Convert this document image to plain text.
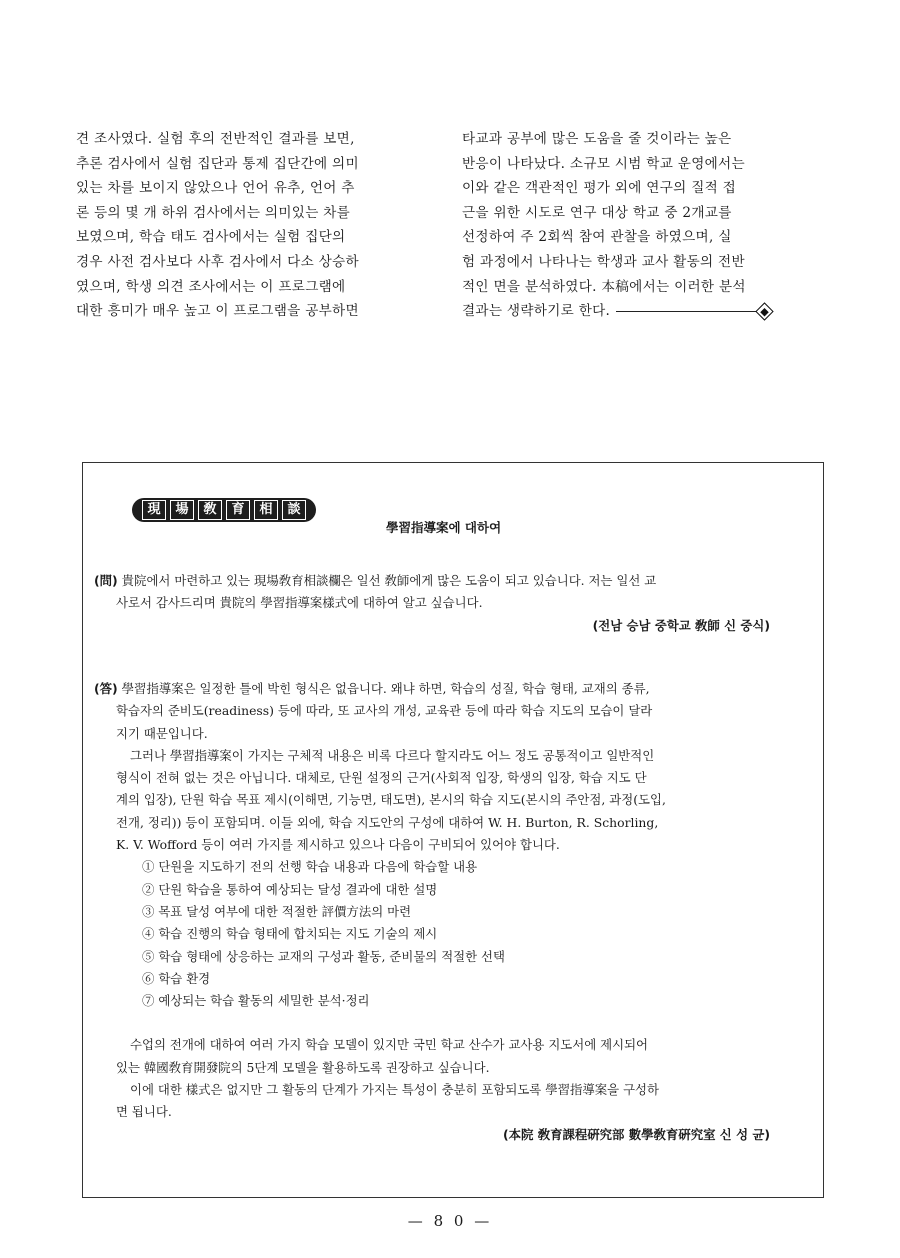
견 조사였다. 실험 후의 전반적인 결과를 보면,

추론 검사에서 실험 집단과 통제 집단간에 의미

있는 차를 보이지 않았으나 언어 유추, 언어 추

론 등의 몇 개 하위 검사에서는 의미있는 차를

보였으며, 학습 태도 검사에서는 실험 집단의

경우 사전 검사보다 사후 검사에서 다소 상승하

였으며, 학생 의견 조사에서는 이 프로그램에

대한 흥미가 매우 높고 이 프로그램을 공부하면

타교과 공부에 많은 도움을 줄 것이라는 높은

반응이 나타났다. 소규모 시범 학교 운영에서는

이와 같은 객관적인 평가 외에 연구의 질적 접

근을 위한 시도로 연구 대상 학교 중 2개교를

선정하여 주 2회씩 참여 관찰을 하였으며, 실

험 과정에서 나타나는 학생과 교사 활동의 전반

적인 면을 분석하였다. 本稿에서는 이러한 분석

결과는 생략하기로 한다.

現	場	敎	育	相	談
學習指導案에 대하여

(問) 貴院에서 마련하고 있는 現場敎育相談欄은 일선 敎師에게 많은 도움이 되고 있습니다. 저는 일선 교

사로서 감사드리며 貴院의 學習指導案樣式에 대하여 알고 싶습니다.

(전남 승남 중학교 敎師 신 중식)

(答) 學習指導案은 일정한 틀에 박힌 형식은 없읍니다. 왜냐 하면, 학습의 성질, 학습 형태, 교재의 종류,

학습자의 준비도(readiness) 등에 따라, 또 교사의 개성, 교육관 등에 따라 학습 지도의 모습이 달라

지기 때문입니다.

그러나 學習指導案이 가지는 구체적 내용은 비록 다르다 할지라도 어느 정도 공통적이고 일반적인

형식이 전혀 없는 것은 아닙니다. 대체로, 단원 설정의 근거(사회적 입장, 학생의 입장, 학습 지도 단

계의 입장), 단원 학습 목표 제시(이해면, 기능면, 태도면), 본시의 학습 지도(본시의 주안점, 과정(도입,

전개, 정리)) 등이 포함되며. 이들 외에, 학습 지도안의 구성에 대하여 W. H. Burton, R. Schorling,

K. V. Wofford 등이 여러 가지를 제시하고 있으나 다음이 구비되어 있어야 합니다.

① 단원을 지도하기 전의 선행 학습 내용과 다음에 학습할 내용
② 단원 학습을 통하여 예상되는 달성 결과에 대한 설명
③ 목표 달성 여부에 대한 적절한 評價方法의 마련
④ 학습 진행의 학습 형태에 합치되는 지도 기술의 제시
⑤ 학습 형태에 상응하는 교재의 구성과 활동, 준비물의 적절한 선택
⑥ 학습 환경
⑦ 예상되는 학습 활동의 세밀한 분석·정리

수업의 전개에 대하여 여러 가지 학습 모델이 있지만 국민 학교 산수가 교사용 지도서에 제시되어

있는 韓國敎育開發院의 5단계 모델을 활용하도록 권장하고 싶습니다.

이에 대한 樣式은 없지만 그 활동의 단계가 가지는 특성이 충분히 포함되도록 學習指導案을 구성하

면 됩니다.

(本院 敎育課程硏究部 數學敎育硏究室 신 성 균)

— 8 0 —
